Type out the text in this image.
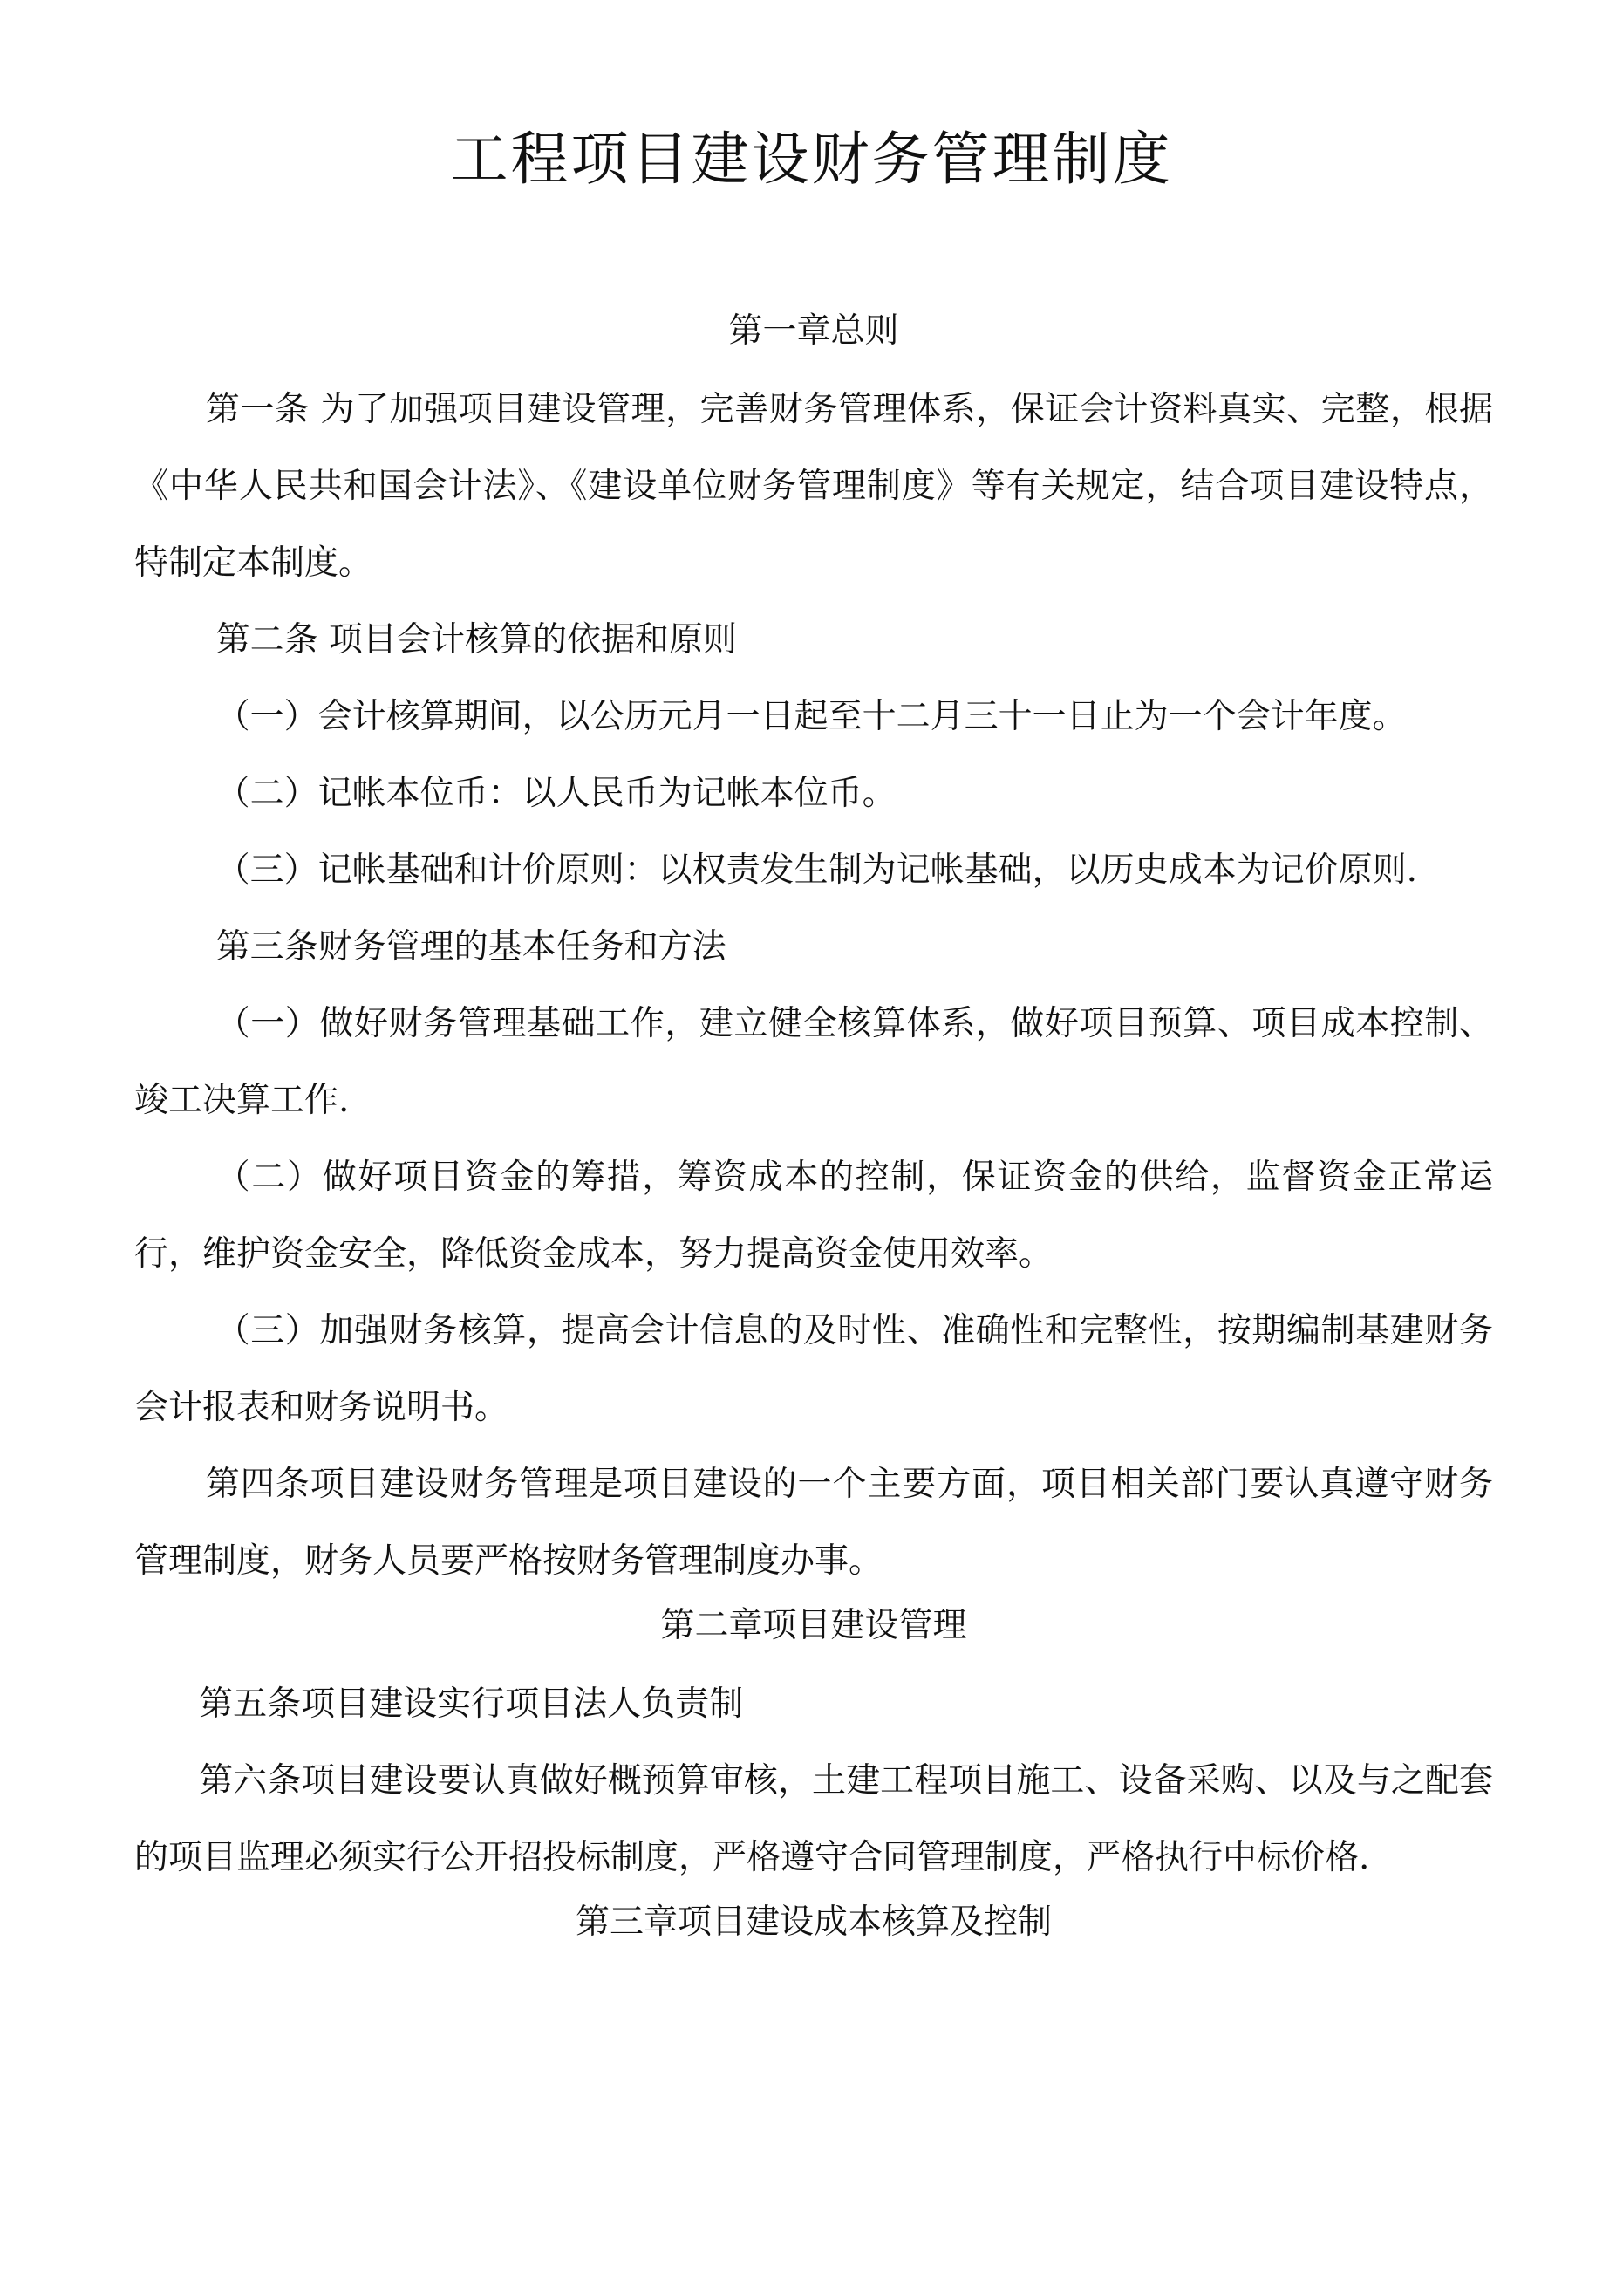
工程项目建设财务管理制度
第一章总则

第一条 为了加强项目建设管理，完善财务管理体系，保证会计资料真实、完整，根据《中华人民共和国会计法》、《建设单位财务管理制度》等有关规定，结合项目建设特点，特制定本制度。

第二条 项目会计核算的依据和原则

（一）会计核算期间，以公历元月一日起至十二月三十一日止为一个会计年度。

（二）记帐本位币：以人民币为记帐本位币。

（三）记帐基础和计价原则：以权责发生制为记帐基础，以历史成本为记价原则.

第三条财务管理的基本任务和方法

（一）做好财务管理基础工作，建立健全核算体系，做好项目预算、项目成本控制、竣工决算工作.

（二）做好项目资金的筹措，筹资成本的控制，保证资金的供给，监督资金正常运行，维护资金安全，降低资金成本，努力提高资金使用效率。

（三）加强财务核算，提高会计信息的及时性、准确性和完整性，按期编制基建财务会计报表和财务说明书。

第四条项目建设财务管理是项目建设的一个主要方面，项目相关部门要认真遵守财务管理制度，财务人员要严格按财务管理制度办事。

第二章项目建设管理

第五条项目建设实行项目法人负责制

第六条项目建设要认真做好概预算审核，土建工程项目施工、设备采购、以及与之配套的项目监理必须实行公开招投标制度，严格遵守合同管理制度，严格执行中标价格.

第三章项目建设成本核算及控制
